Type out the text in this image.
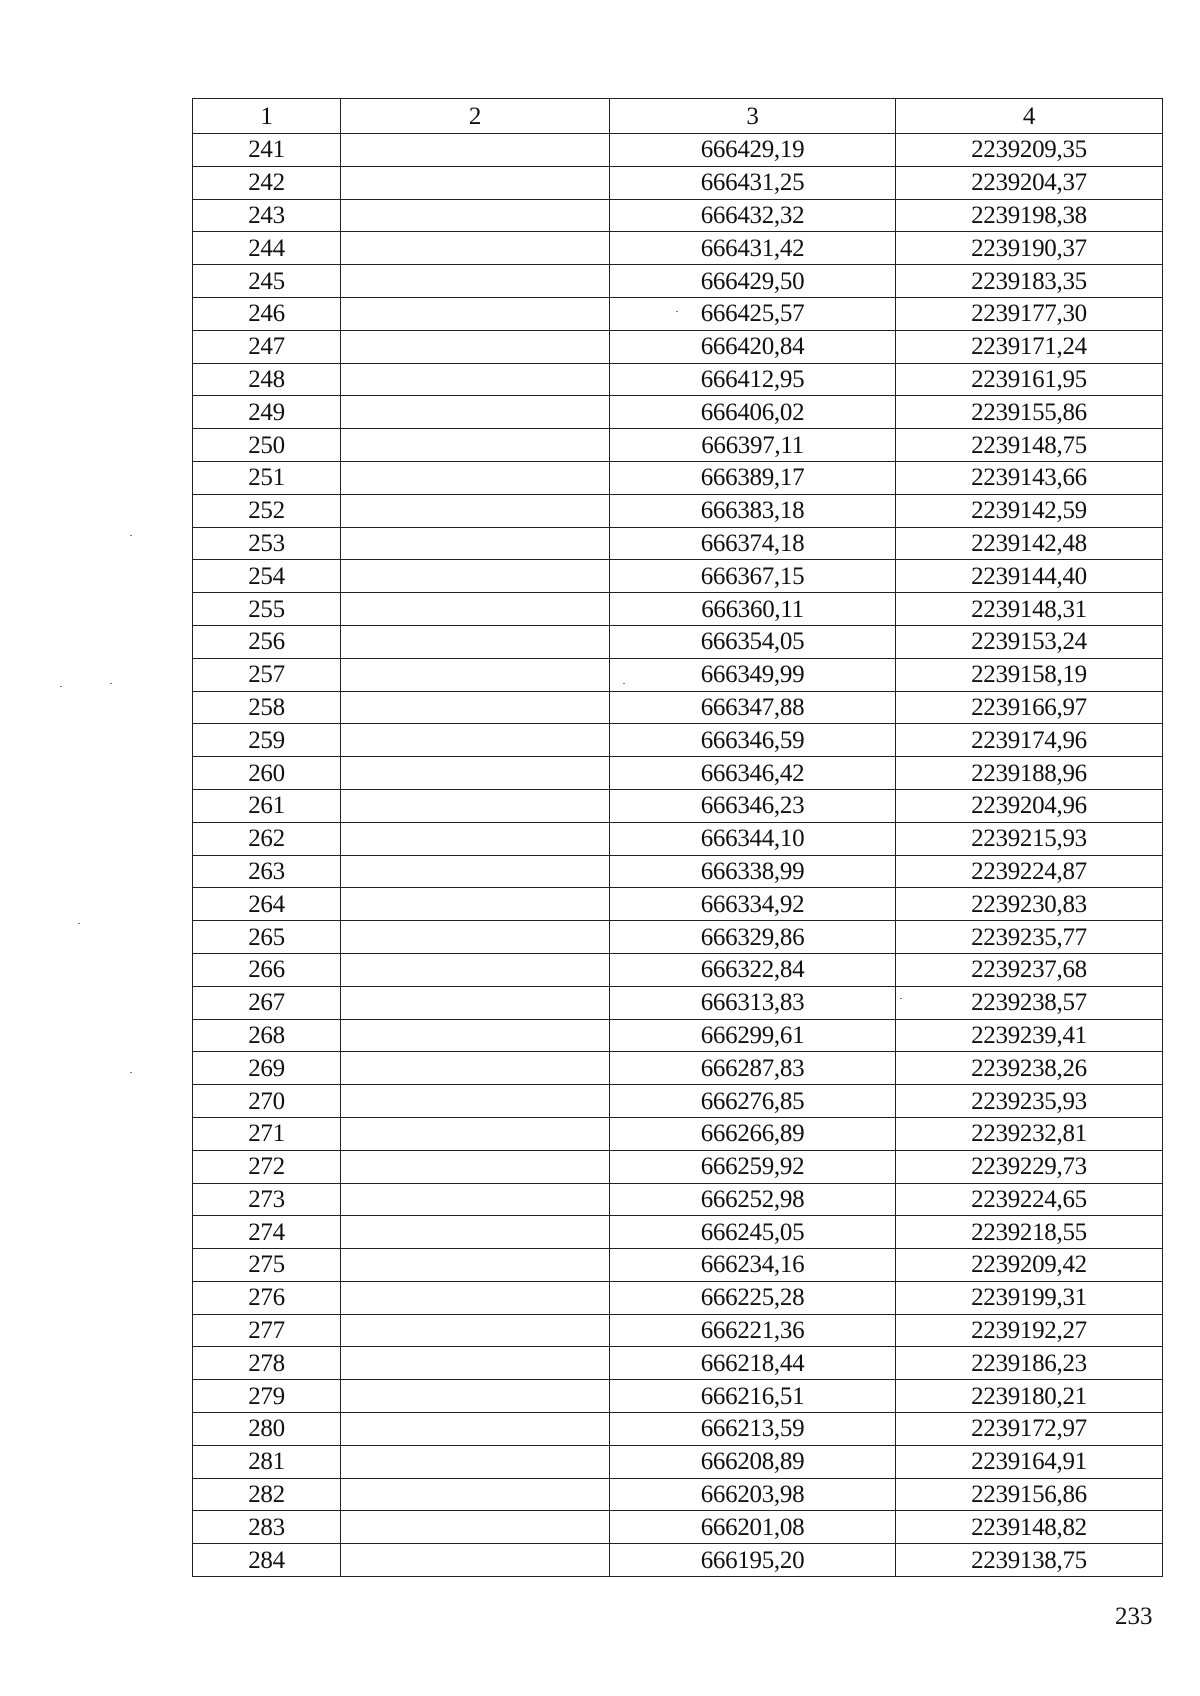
1	2	3	4
241		666429,19	2239209,35
242		666431,25	2239204,37
243		666432,32	2239198,38
244		666431,42	2239190,37
245		666429,50	2239183,35
246		666425,57	2239177,30
247		666420,84	2239171,24
248		666412,95	2239161,95
249		666406,02	2239155,86
250		666397,11	2239148,75
251		666389,17	2239143,66
252		666383,18	2239142,59
253		666374,18	2239142,48
254		666367,15	2239144,40
255		666360,11	2239148,31
256		666354,05	2239153,24
257		666349,99	2239158,19
258		666347,88	2239166,97
259		666346,59	2239174,96
260		666346,42	2239188,96
261		666346,23	2239204,96
262		666344,10	2239215,93
263		666338,99	2239224,87
264		666334,92	2239230,83
265		666329,86	2239235,77
266		666322,84	2239237,68
267		666313,83	2239238,57
268		666299,61	2239239,41
269		666287,83	2239238,26
270		666276,85	2239235,93
271		666266,89	2239232,81
272		666259,92	2239229,73
273		666252,98	2239224,65
274		666245,05	2239218,55
275		666234,16	2239209,42
276		666225,28	2239199,31
277		666221,36	2239192,27
278		666218,44	2239186,23
279		666216,51	2239180,21
280		666213,59	2239172,97
281		666208,89	2239164,91
282		666203,98	2239156,86
283		666201,08	2239148,82
284		666195,20	2239138,75
233
